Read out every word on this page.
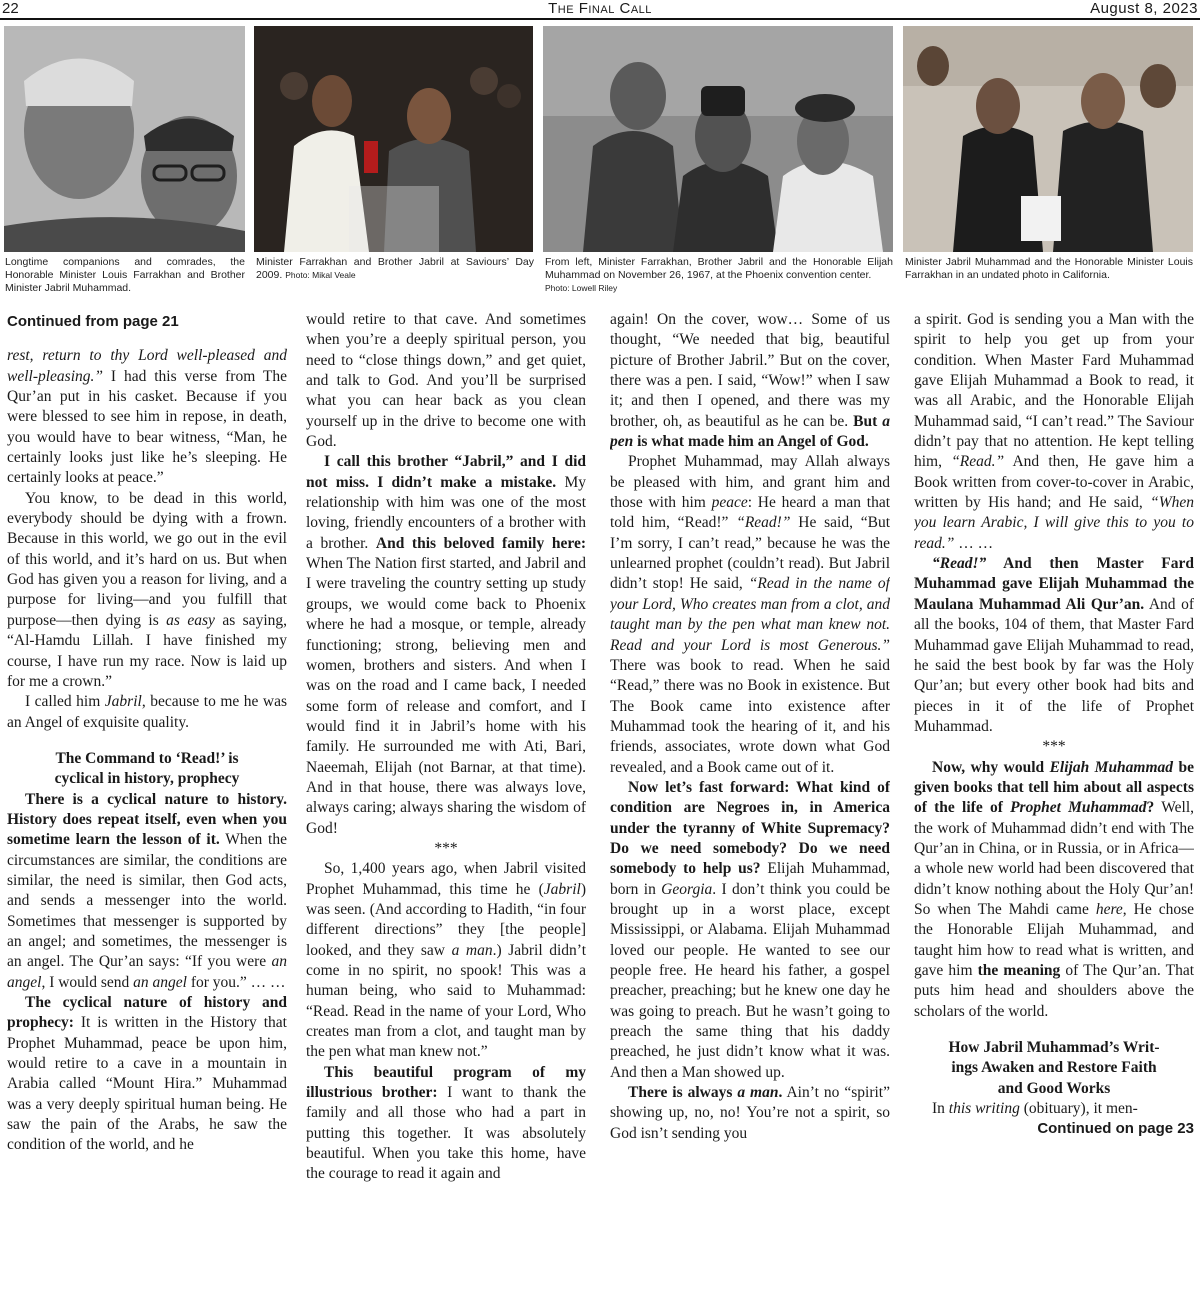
22	The Final Call	August 8, 2023
Longtime companions and comrades, the Honorable Minister Louis Farrakhan and Brother Minister Jabril Muhammad.
Minister Farrakhan and Brother Jabril at Saviours’ Day 2009. Photo: Mikal Veale
From left, Minister Farrakhan, Brother Jabril and the Honorable Elijah Muhammad on November 26, 1967, at the Phoenix convention center.
Photo: Lowell Riley
Minister Jabril Muhammad and the Honorable Minister Louis Farrakhan in an undated photo in California.

Continued from page 21

rest, return to thy Lord well-pleased and well-pleasing.” I had this verse from The Qur’an put in his casket. Because if you were blessed to see him in repose, in death, you would have to bear witness, “Man, he certainly looks just like he’s sleeping. He certainly looks at peace.”

You know, to be dead in this world, everybody should be dying with a frown. Because in this world, we go out in the evil of this world, and it’s hard on us. But when God has given you a reason for living, and a purpose for living—and you fulfill that purpose—then dying is as easy as saying, “Al-Hamdu Lillah. I have finished my course, I have run my race. Now is laid up for me a crown.”

I called him Jabril, because to me he was an Angel of exquisite quality.

The Command to ‘Read!’ is
cyclical in history, prophecy

There is a cyclical nature to history. History does repeat itself, even when you sometime learn the lesson of it. When the circumstances are similar, the conditions are similar, the need is similar, then God acts, and sends a messenger into the world. Sometimes that messenger is supported by an angel; and sometimes, the messenger is an angel. The Qur’an says: “If you were an angel, I would send an angel for you.” … …

The cyclical nature of history and prophecy: It is written in the History that Prophet Muhammad, peace be upon him, would retire to a cave in a mountain in Arabia called “Mount Hira.” Muhammad was a very deeply spiritual human being. He saw the pain of the Arabs, he saw the condition of the world, and he

would retire to that cave. And sometimes when you’re a deeply spiritual person, you need to “close things down,” and get quiet, and talk to God. And you’ll be surprised what you can hear back as you clean yourself up in the drive to become one with God.

I call this brother “Jabril,” and I did not miss. I didn’t make a mistake. My relationship with him was one of the most loving, friendly encounters of a brother with a brother. And this beloved family here: When The Nation first started, and Jabril and I were traveling the country setting up study groups, we would come back to Phoenix where he had a mosque, or temple, already functioning; strong, believing men and women, brothers and sisters. And when I was on the road and I came back, I needed some form of release and comfort, and I would find it in Jabril’s home with his family. He surrounded me with Ati, Bari, Naeemah, Elijah (not Barnar, at that time). And in that house, there was always love, always caring; always sharing the wisdom of God!

***

So, 1,400 years ago, when Jabril visited Prophet Muhammad, this time he (Jabril) was seen. (And according to Hadith, “in four different directions” they [the people] looked, and they saw a man.) Jabril didn’t come in no spirit, no spook! This was a human being, who said to Muhammad: “Read. Read in the name of your Lord, Who creates man from a clot, and taught man by the pen what man knew not.”

This beautiful program of my illustrious brother: I want to thank the family and all those who had a part in putting this together. It was absolutely beautiful. When you take this home, have the courage to read it again and

again! On the cover, wow… Some of us thought, “We needed that big, beautiful picture of Brother Jabril.” But on the cover, there was a pen. I said, “Wow!” when I saw it; and then I opened, and there was my brother, oh, as beautiful as he can be. But a pen is what made him an Angel of God.

Prophet Muhammad, may Allah always be pleased with him, and grant him and those with him peace: He heard a man that told him, “Read!” “Read!” He said, “But I’m sorry, I can’t read,” because he was the unlearned prophet (couldn’t read). But Jabril didn’t stop! He said, “Read in the name of your Lord, Who creates man from a clot, and taught man by the pen what man knew not. Read and your Lord is most Generous.” There was book to read. When he said “Read,” there was no Book in existence. But The Book came into existence after Muhammad took the hearing of it, and his friends, associates, wrote down what God revealed, and a Book came out of it.

Now let’s fast forward: What kind of condition are Negroes in, in America under the tyranny of White Supremacy? Do we need somebody? Do we need somebody to help us? Elijah Muhammad, born in Georgia. I don’t think you could be brought up in a worst place, except Mississippi, or Alabama. Elijah Muhammad loved our people. He wanted to see our people free. He heard his father, a gospel preacher, preaching; but he knew one day he was going to preach. But he wasn’t going to preach the same thing that his daddy preached, he just didn’t know what it was. And then a Man showed up.

There is always a man. Ain’t no “spirit” showing up, no, no! You’re not a spirit, so God isn’t sending you

a spirit. God is sending you a Man with the spirit to help you get up from your condition. When Master Fard Muhammad gave Elijah Muhammad a Book to read, it was all Arabic, and the Honorable Elijah Muhammad said, “I can’t read.” The Saviour didn’t pay that no attention. He kept telling him, “Read.” And then, He gave him a Book written from cover-to-cover in Arabic, written by His hand; and He said, “When you learn Arabic, I will give this to you to read.” … …

“Read!” And then Master Fard Muhammad gave Elijah Muhammad the Maulana Muhammad Ali Qur’an. And of all the books, 104 of them, that Master Fard Muhammad gave Elijah Muhammad to read, he said the best book by far was the Holy Qur’an; but every other book had bits and pieces in it of the life of Prophet Muhammad.

***

Now, why would Elijah Muhammad be given books that tell him about all aspects of the life of Prophet Muhammad? Well, the work of Muhammad didn’t end with The Qur’an in China, or in Russia, or in Africa—a whole new world had been discovered that didn’t know nothing about the Holy Qur’an! So when The Mahdi came here, He chose the Honorable Elijah Muhammad, and taught him how to read what is written, and gave him the meaning of The Qur’an. That puts him head and shoulders above the scholars of the world.

How Jabril Muhammad’s Writ-
ings Awaken and Restore Faith
and Good Works

In this writing (obituary), it men-

Continued on page 23
